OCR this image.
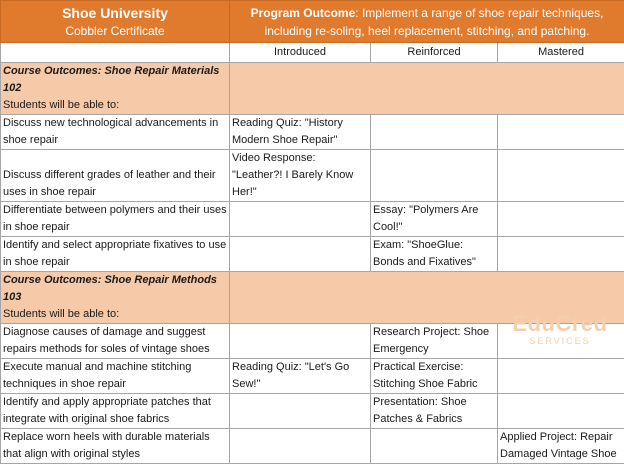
Shoe University
Cobbler Certificate	Program Outcome: Implement a range of shoe repair techniques, including re-soling, heel replacement, stitching, and patching.		
	Introduced	Reinforced	Mastered

Course Outcomes: Shoe Repair Materials 102
Students will be able to:			

Discuss new technological advancements in shoe repair	Reading Quiz: "History Modern Shoe Repair"		
Discuss different grades of leather and their uses in shoe repair	Video Response: "Leather?! I Barely Know Her!"		
Differentiate between polymers and their uses in shoe repair		Essay: "Polymers Are Cool!"	
Identify and select appropriate fixatives to use in shoe repair		Exam: "ShoeGlue: Bonds and Fixatives"	

Course Outcomes: Shoe Repair Methods 103
Students will be able to:			

Diagnose causes of damage and suggest repairs methods for soles of vintage shoes		Research Project: Shoe Emergency	
Execute manual and machine stitching techniques in shoe repair	Reading Quiz: "Let's Go Sew!"	Practical Exercise: Stitching Shoe Fabric	
Identify and apply appropriate patches that integrate with original shoe fabrics		Presentation: Shoe Patches & Fabrics	
Replace worn heels with durable materials that align with original styles			Applied Project: Repair Damaged Vintage Shoe
EduCred
SERVICES
